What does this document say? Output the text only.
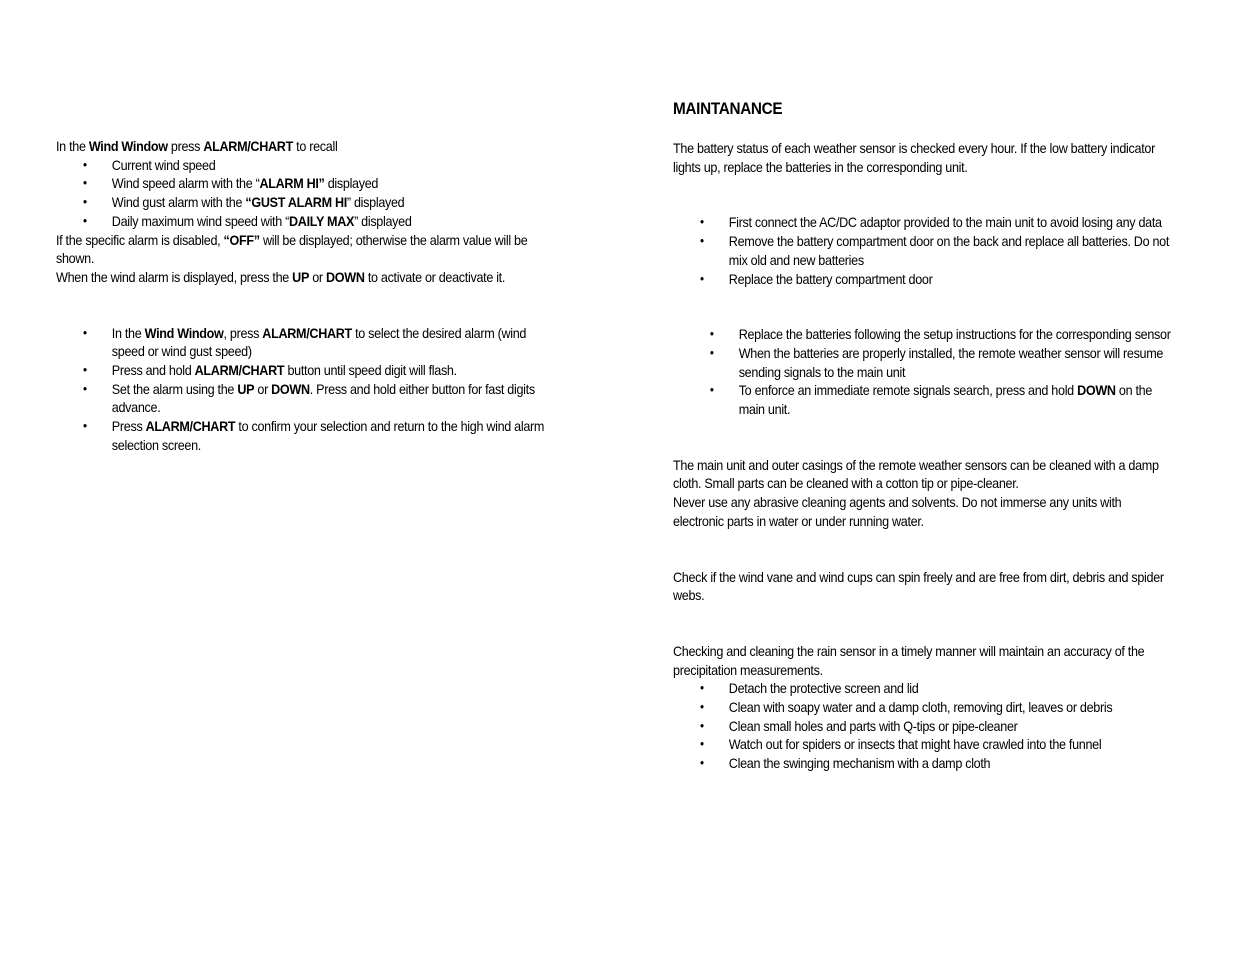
In the Wind Window press ALARM/CHART to recall

• Current wind speed
• Wind speed alarm with the “ALARM HI” displayed
• Wind gust alarm with the “GUST ALARM HI” displayed
• Daily maximum wind speed with “DAILY MAX” displayed

If the specific alarm is disabled, “OFF” will be displayed; otherwise the alarm value will be shown.

When the wind alarm is displayed, press the UP or DOWN to activate or deactivate it.

• In the Wind Window, press ALARM/CHART to select the desired alarm (wind speed or wind gust speed)
• Press and hold ALARM/CHART button until speed digit will flash.
• Set the alarm using the UP or DOWN. Press and hold either button for fast digits advance.
• Press ALARM/CHART to confirm your selection and return to the high wind alarm selection screen.
MAINTANANCE

The battery status of each weather sensor is checked every hour. If the low battery indicator lights up, replace the batteries in the corresponding unit.

• First connect the AC/DC adaptor provided to the main unit to avoid losing any data
• Remove the battery compartment door on the back and replace all batteries. Do not mix old and new batteries
• Replace the battery compartment door
• Replace the batteries following the setup instructions for the corresponding sensor
• When the batteries are properly installed, the remote weather sensor will resume sending signals to the main unit
• To enforce an immediate remote signals search, press and hold DOWN on the main unit.

The main unit and outer casings of the remote weather sensors can be cleaned with a damp cloth. Small parts can be cleaned with a cotton tip or pipe-cleaner.

Never use any abrasive cleaning agents and solvents. Do not immerse any units with electronic parts in water or under running water.

Check if the wind vane and wind cups can spin freely and are free from dirt, debris and spider webs.

Checking and cleaning the rain sensor in a timely manner will maintain an accuracy of the precipitation measurements.

• Detach the protective screen and lid
• Clean with soapy water and a damp cloth, removing dirt, leaves or debris
• Clean small holes and parts with Q-tips or pipe-cleaner
• Watch out for spiders or insects that might have crawled into the funnel
• Clean the swinging mechanism with a damp cloth
